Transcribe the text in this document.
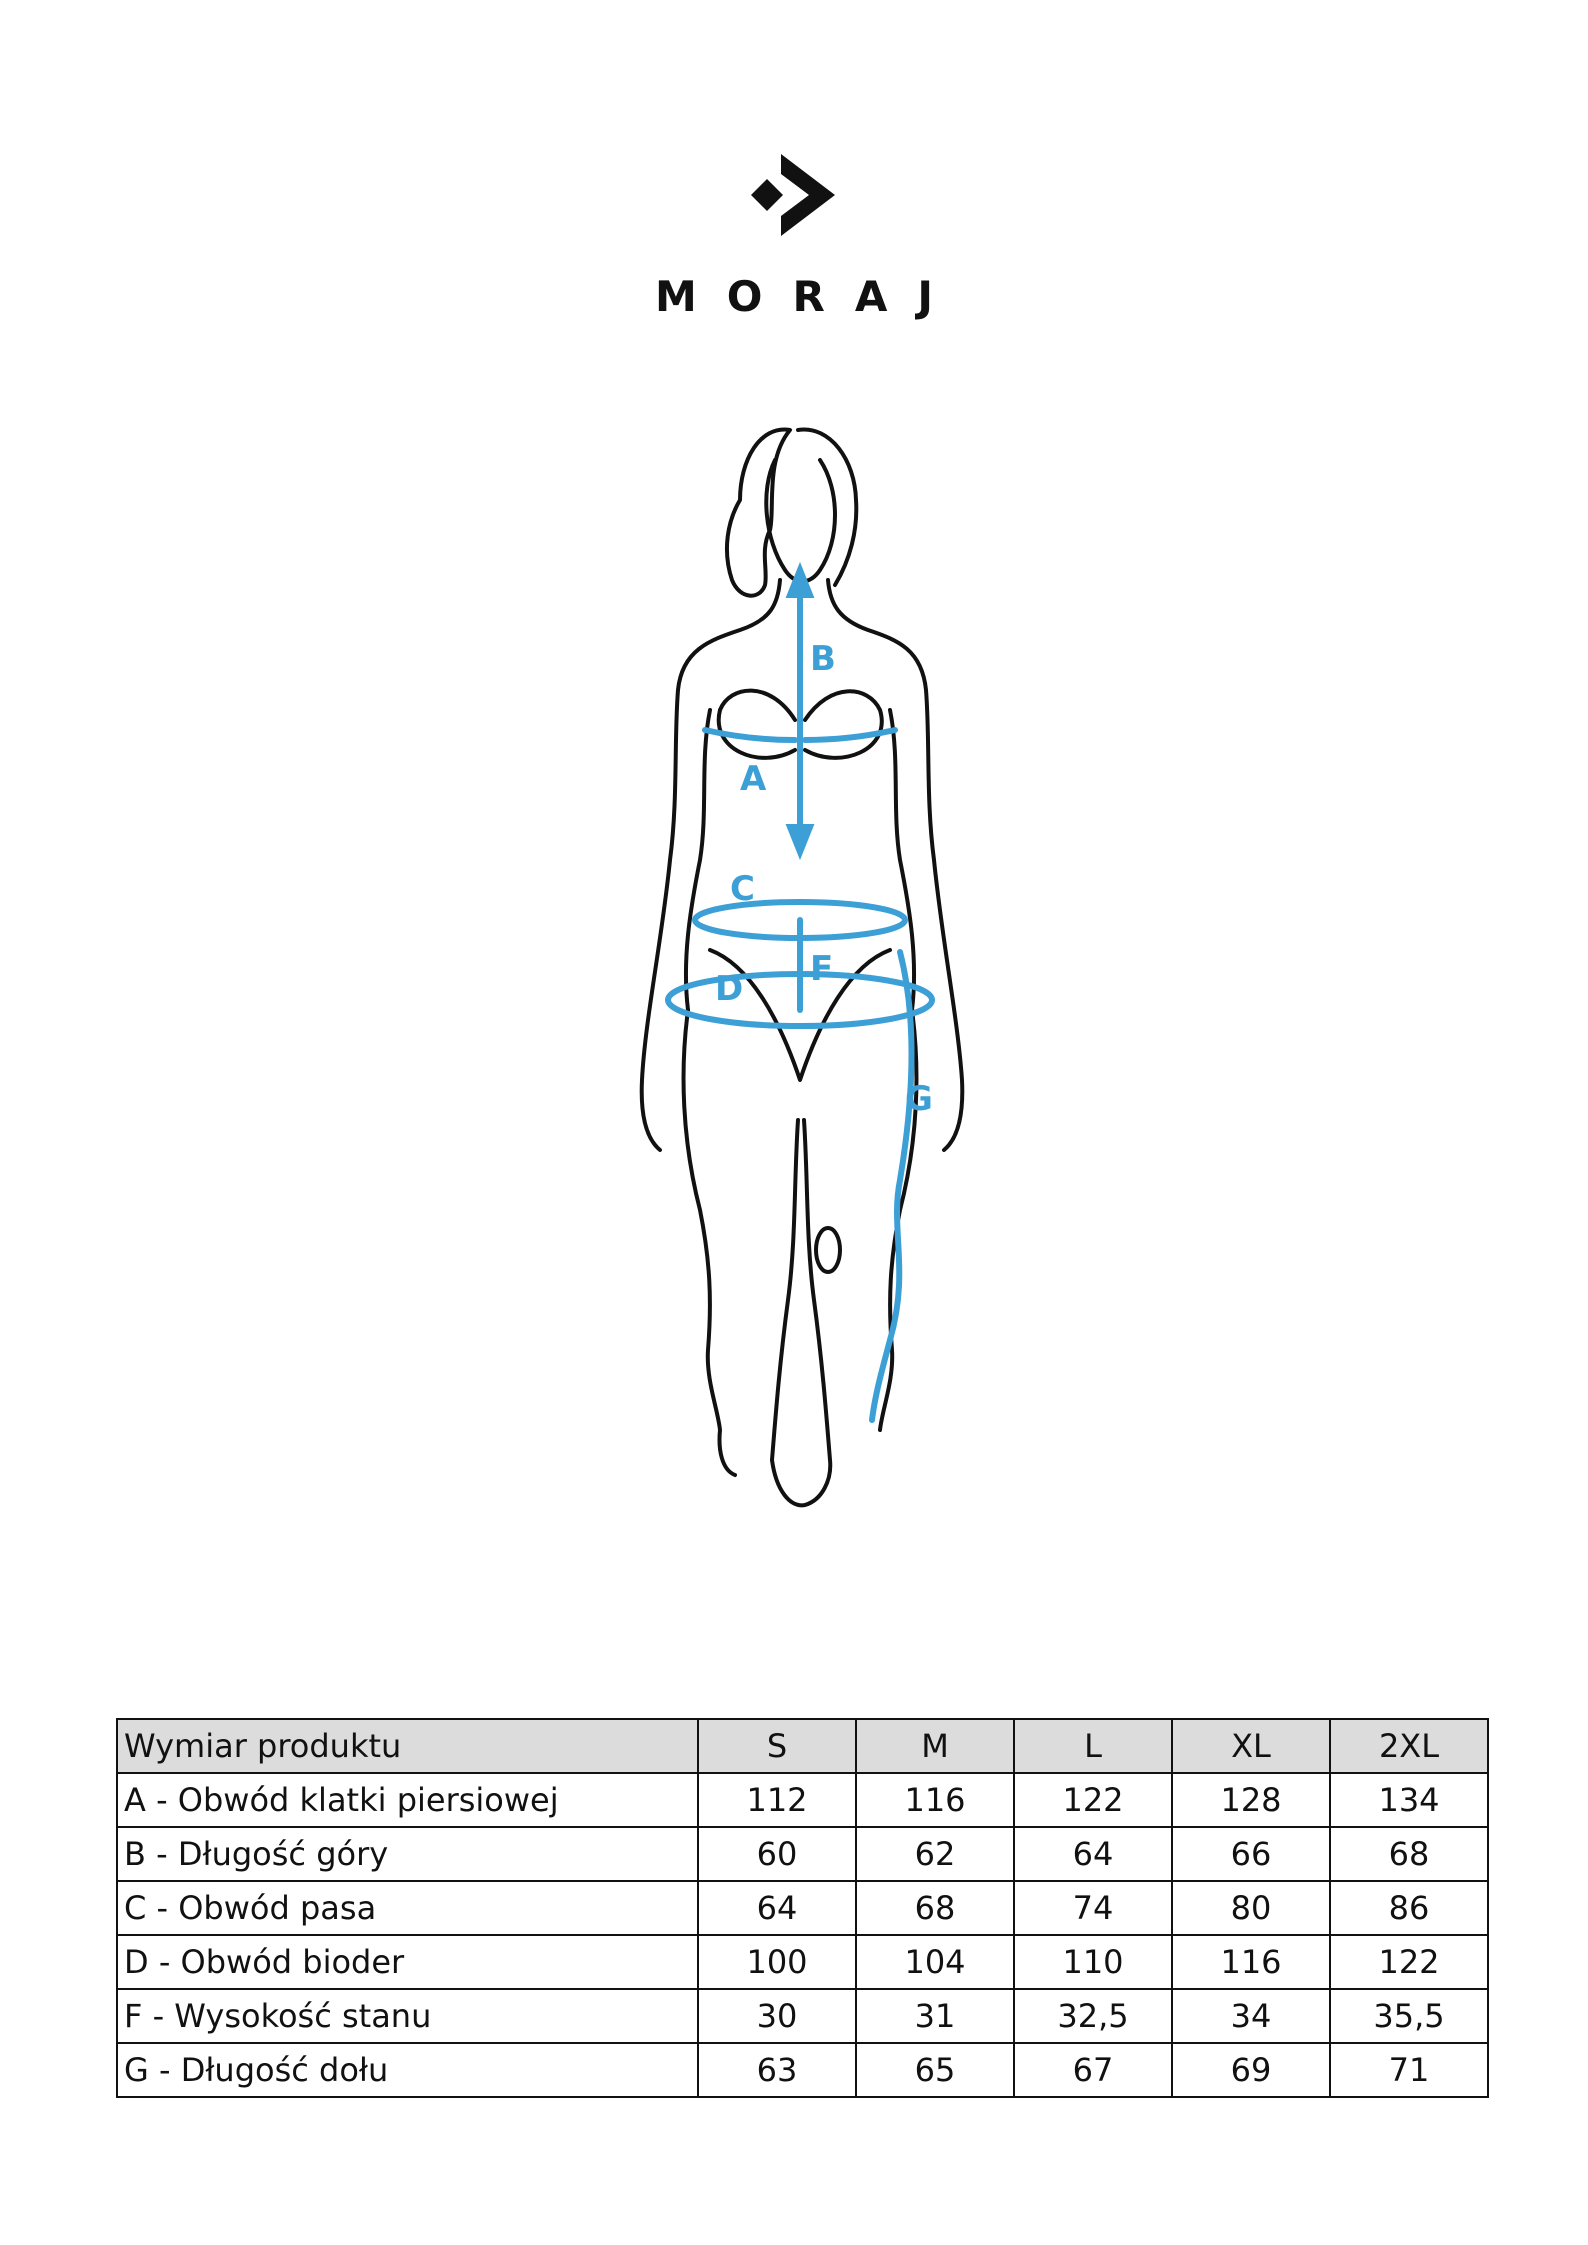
MORAJ
B
A
C
F
D
G
Wymiar produktu	S	M	L	XL	2XL
A - Obwód klatki piersiowej	112	116	122	128	134
B - Długość góry	60	62	64	66	68
C - Obwód pasa	64	68	74	80	86
D - Obwód bioder	100	104	110	116	122
F - Wysokość stanu	30	31	32,5	34	35,5
G - Długość dołu	63	65	67	69	71
